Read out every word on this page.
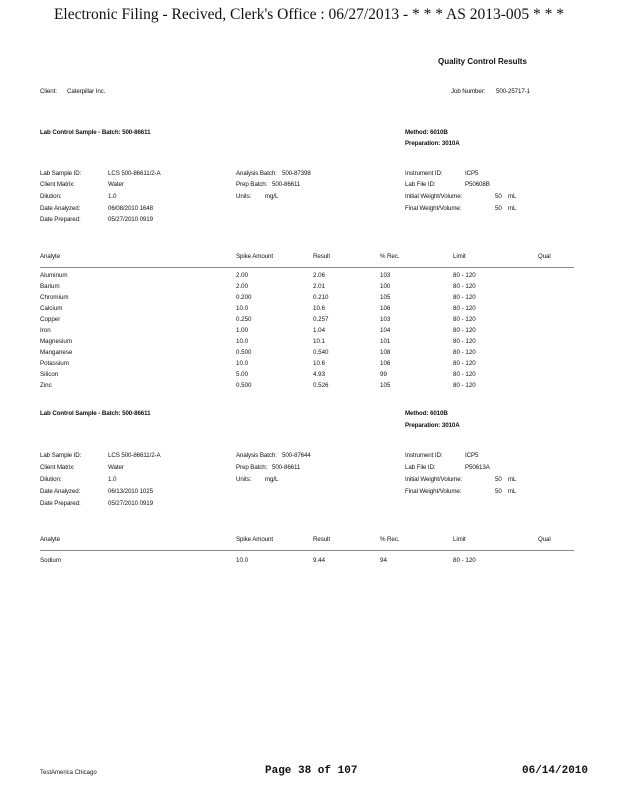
Electronic Filing - Recived, Clerk's Office : 06/27/2013 - * * * AS 2013-005 * * *
Quality Control Results
Client: Caterpillar Inc.	Job Number: 500-25717-1
Lab Control Sample - Batch: 500-86611	Method: 6010B
Preparation: 3010A
Lab Sample ID:	LCS 500-86611/2-A
Client Matrix:	Water
Dilution:	1.0
Date Analyzed:	06/08/2010 1648
Date Prepared:	05/27/2010 0919
Analysis Batch: 500-87398
Prep Batch: 500-86611
Units: mg/L
Instrument ID:	ICP5
Lab File ID:	P50608B
Initial Weight/Volume:	50 mL
Final Weight/Volume:	50 mL
Analyte	Spike Amount	Result	% Rec.	Limit	Qual
Aluminum	2.00	2.06	103	80 - 120
Barium	2.00	2.01	100	80 - 120
Chromium	0.200	0.210	105	80 - 120
Calcium	10.0	10.6	106	80 - 120
Copper	0.250	0.257	103	80 - 120
Iron	1.00	1.04	104	80 - 120
Magnesium	10.0	10.1	101	80 - 120
Manganese	0.500	0.540	108	80 - 120
Potassium	10.0	10.6	106	80 - 120
Silicon	5.00	4.93	99	80 - 120
Zinc	0.500	0.526	105	80 - 120
Lab Control Sample - Batch: 500-86611	Method: 6010B
Preparation: 3010A
Lab Sample ID:	LCS 500-86611/2-A
Client Matrix:	Water
Dilution:	1.0
Date Analyzed:	06/13/2010 1025
Date Prepared:	05/27/2010 0919
Analysis Batch: 500-87644
Prep Batch: 500-86611
Units: mg/L
Instrument ID:	ICP5
Lab File ID:	P50613A
Initial Weight/Volume:	50 mL
Final Weight/Volume:	50 mL
Analyte	Spike Amount	Result	% Rec.	Limit	Qual
Sodium	10.0	9.44	94	80 - 120
TestAmerica Chicago	Page 38 of 107	06/14/2010
